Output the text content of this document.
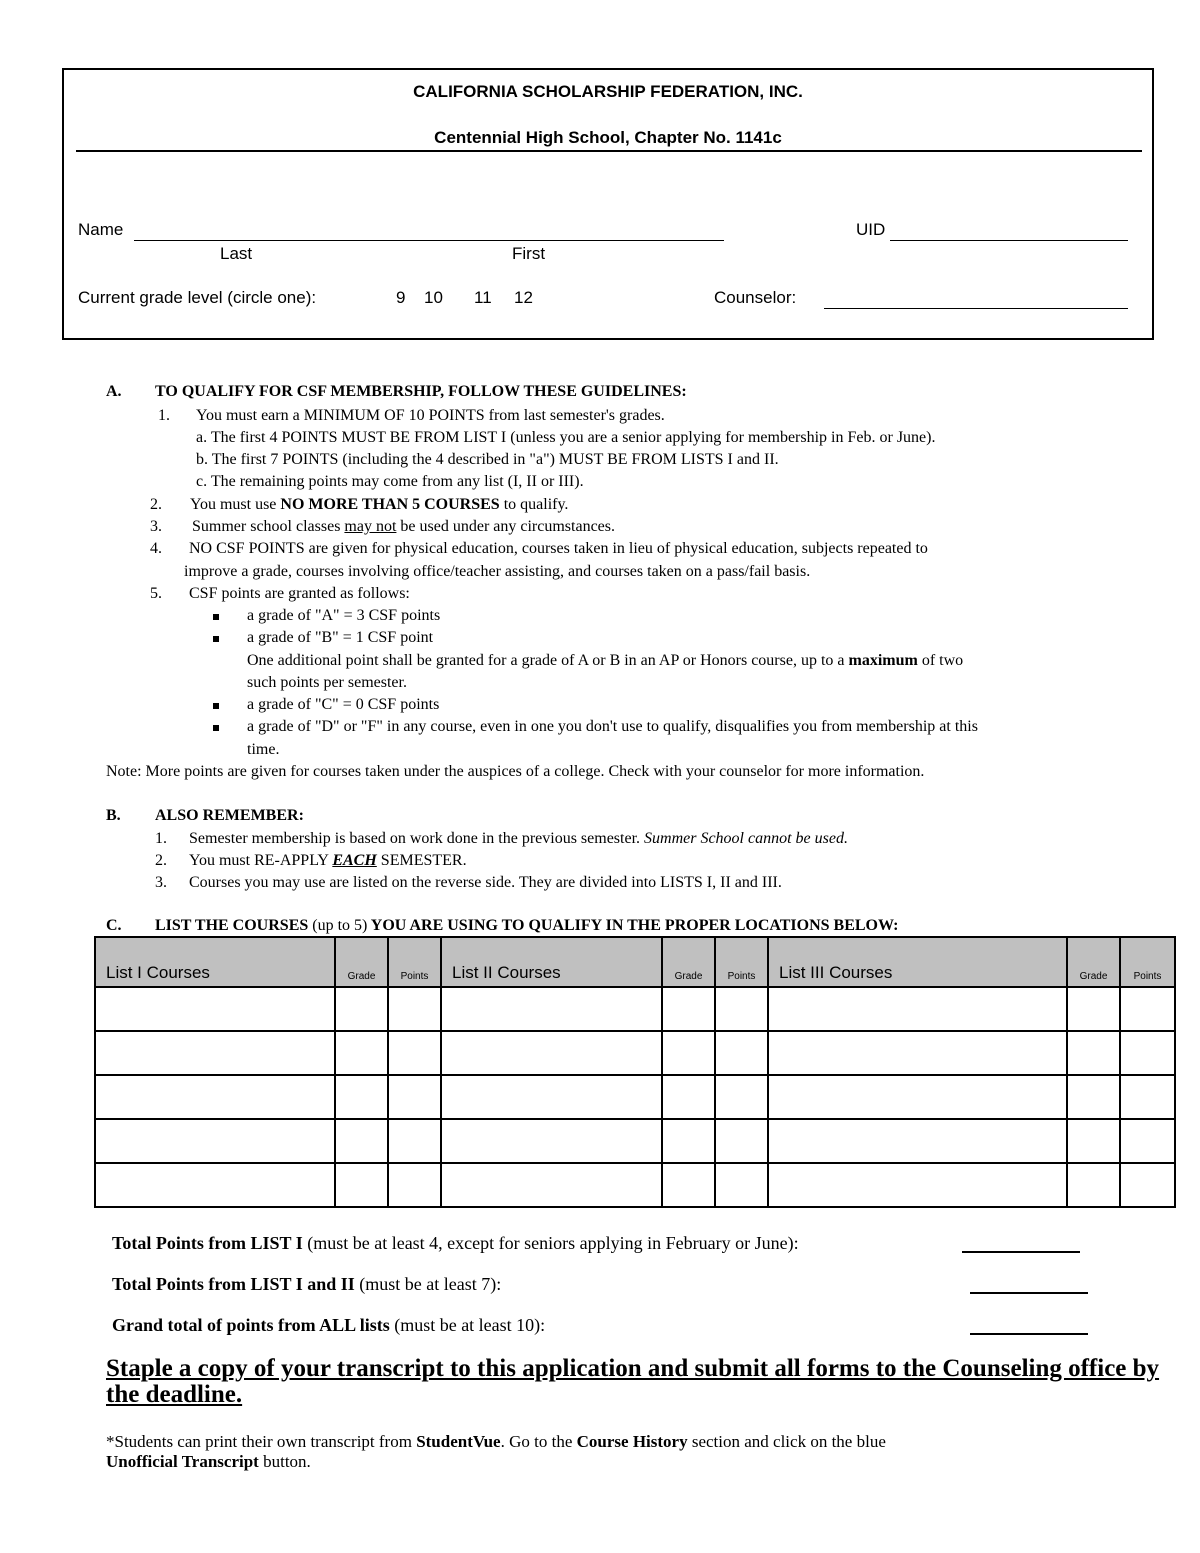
CALIFORNIA SCHOLARSHIP FEDERATION, INC.
Centennial High School, Chapter No. 1141c
Name	UID
Last	First
Current grade level (circle one):	9 10 11 12	Counselor:
A. TO QUALIFY FOR CSF MEMBERSHIP, FOLLOW THESE GUIDELINES:
1. You must earn a MINIMUM OF 10 POINTS from last semester's grades.
a. The first 4 POINTS MUST BE FROM LIST I (unless you are a senior applying for membership in Feb. or June).
b. The first 7 POINTS (including the 4 described in "a") MUST BE FROM LISTS I and II.
c. The remaining points may come from any list (I, II or III).
2. You must use NO MORE THAN 5 COURSES to qualify.
3. Summer school classes may not be used under any circumstances.
4. NO CSF POINTS are given for physical education, courses taken in lieu of physical education, subjects repeated to
improve a grade, courses involving office/teacher assisting, and courses taken on a pass/fail basis.
5. CSF points are granted as follows:
a grade of "A" = 3 CSF points
a grade of "B" = 1 CSF point
One additional point shall be granted for a grade of A or B in an AP or Honors course, up to a maximum of two
such points per semester.
a grade of "C" = 0 CSF points
a grade of "D" or "F" in any course, even in one you don't use to qualify, disqualifies you from membership at this
time.
Note: More points are given for courses taken under the auspices of a college. Check with your counselor for more information.
B. ALSO REMEMBER:
1. Semester membership is based on work done in the previous semester. Summer School cannot be used.
2. You must RE-APPLY EACH SEMESTER.
3. Courses you may use are listed on the reverse side. They are divided into LISTS I, II and III.
C. LIST THE COURSES (up to 5) YOU ARE USING TO QUALIFY IN THE PROPER LOCATIONS BELOW:
List I Courses	Grade	Points	List II Courses	Grade	Points	List III Courses	Grade	Points

Total Points from LIST I (must be at least 4, except for seniors applying in February or June):
Total Points from LIST I and II (must be at least 7):
Grand total of points from ALL lists (must be at least 10):
Staple a copy of your transcript to this application and submit all forms to the Counseling office by the deadline.
*Students can print their own transcript from StudentVue. Go to the Course History section and click on the blue
Unofficial Transcript button.
